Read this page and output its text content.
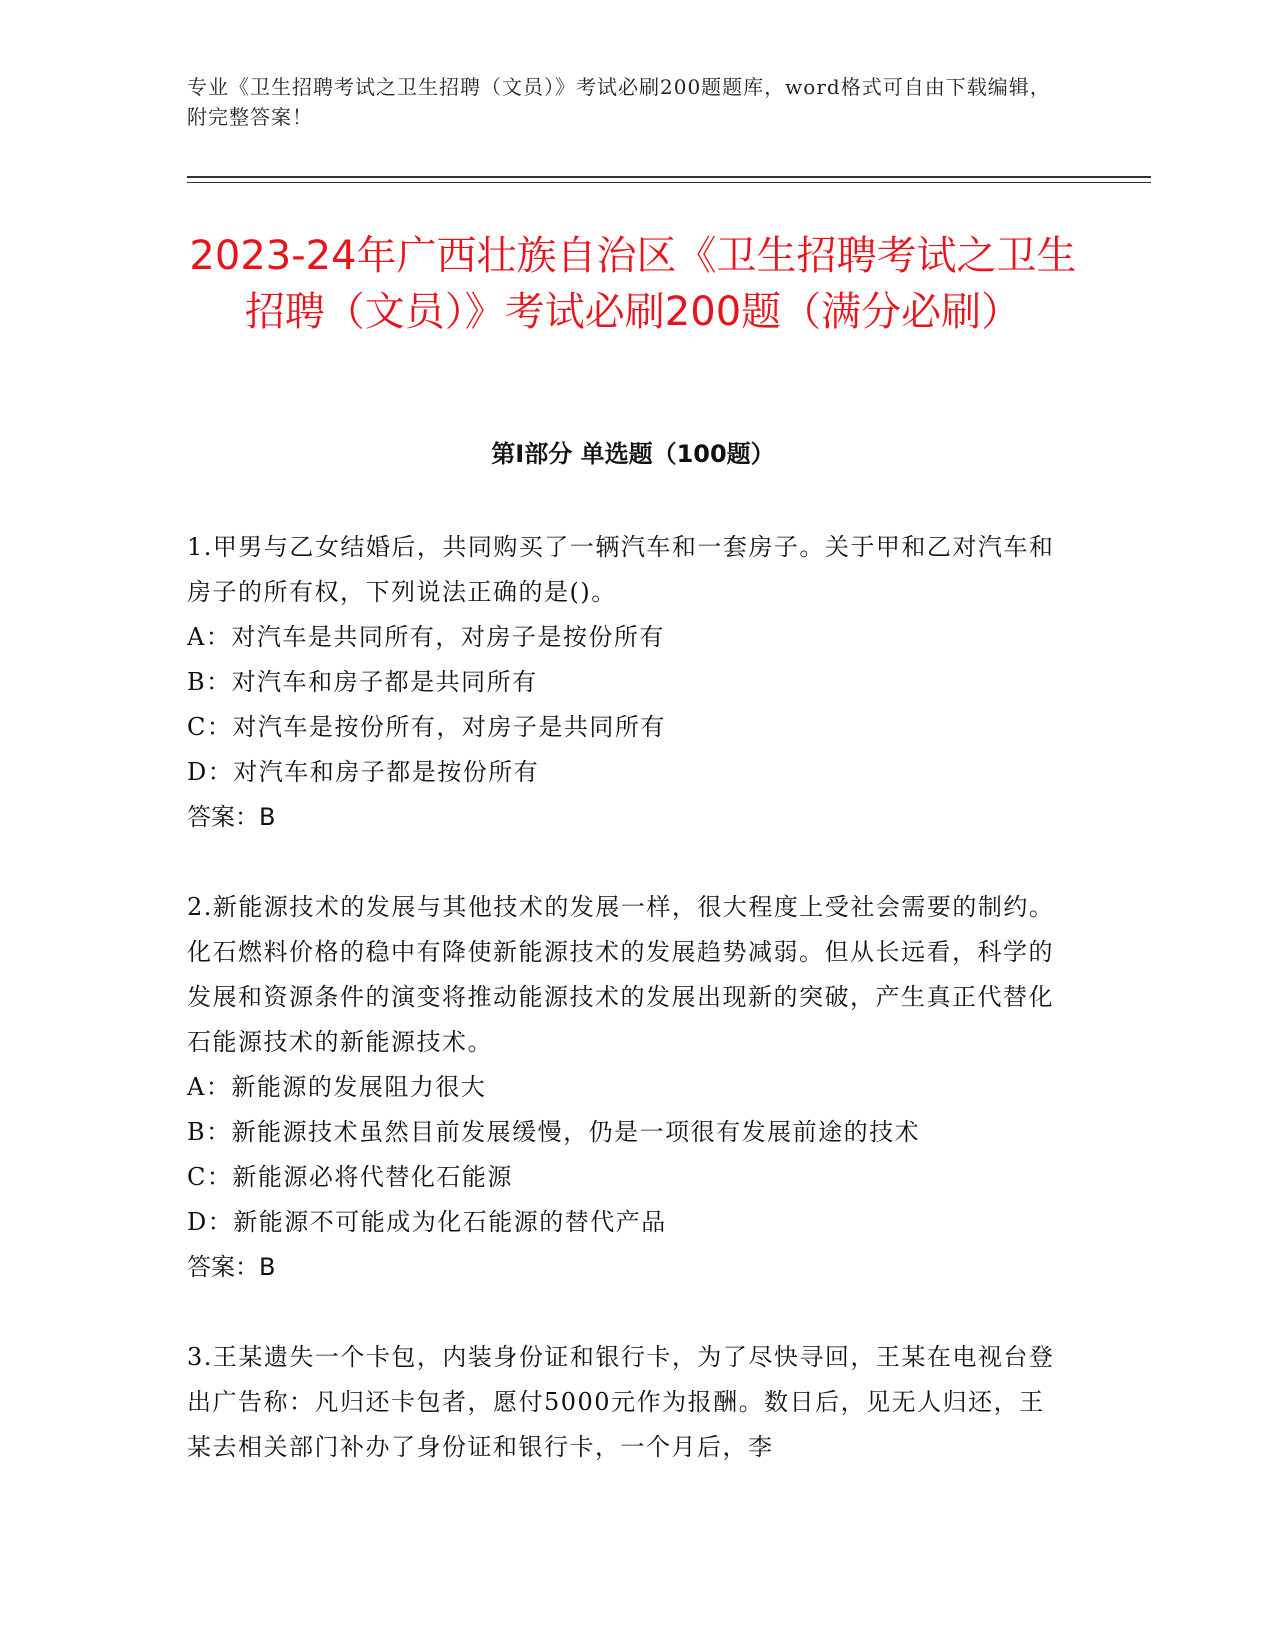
专业《卫生招聘考试之卫生招聘（文员）》考试必刷200题题库，word格式可自由下载编辑，附完整答案！
2023-24年广西壮族自治区《卫生招聘考试之卫生招聘（文员）》考试必刷200题（满分必刷）
第I部分 单选题（100题）

1.甲男与乙女结婚后，共同购买了一辆汽车和一套房子。关于甲和乙对汽车和房子的所有权，下列说法正确的是()。

A：对汽车是共同所有，对房子是按份所有

B：对汽车和房子都是共同所有

C：对汽车是按份所有，对房子是共同所有

D：对汽车和房子都是按份所有

答案：B

2.新能源技术的发展与其他技术的发展一样，很大程度上受社会需要的制约。化石燃料价格的稳中有降使新能源技术的发展趋势减弱。但从长远看，科学的发展和资源条件的演变将推动能源技术的发展出现新的突破，产生真正代替化石能源技术的新能源技术。

A：新能源的发展阻力很大

B：新能源技术虽然目前发展缓慢，仍是一项很有发展前途的技术

C：新能源必将代替化石能源

D：新能源不可能成为化石能源的替代产品

答案：B

3.王某遗失一个卡包，内装身份证和银行卡，为了尽快寻回，王某在电视台登出广告称：凡归还卡包者，愿付5000元作为报酬。数日后，见无人归还，王某去相关部门补办了身份证和银行卡，一个月后，李
